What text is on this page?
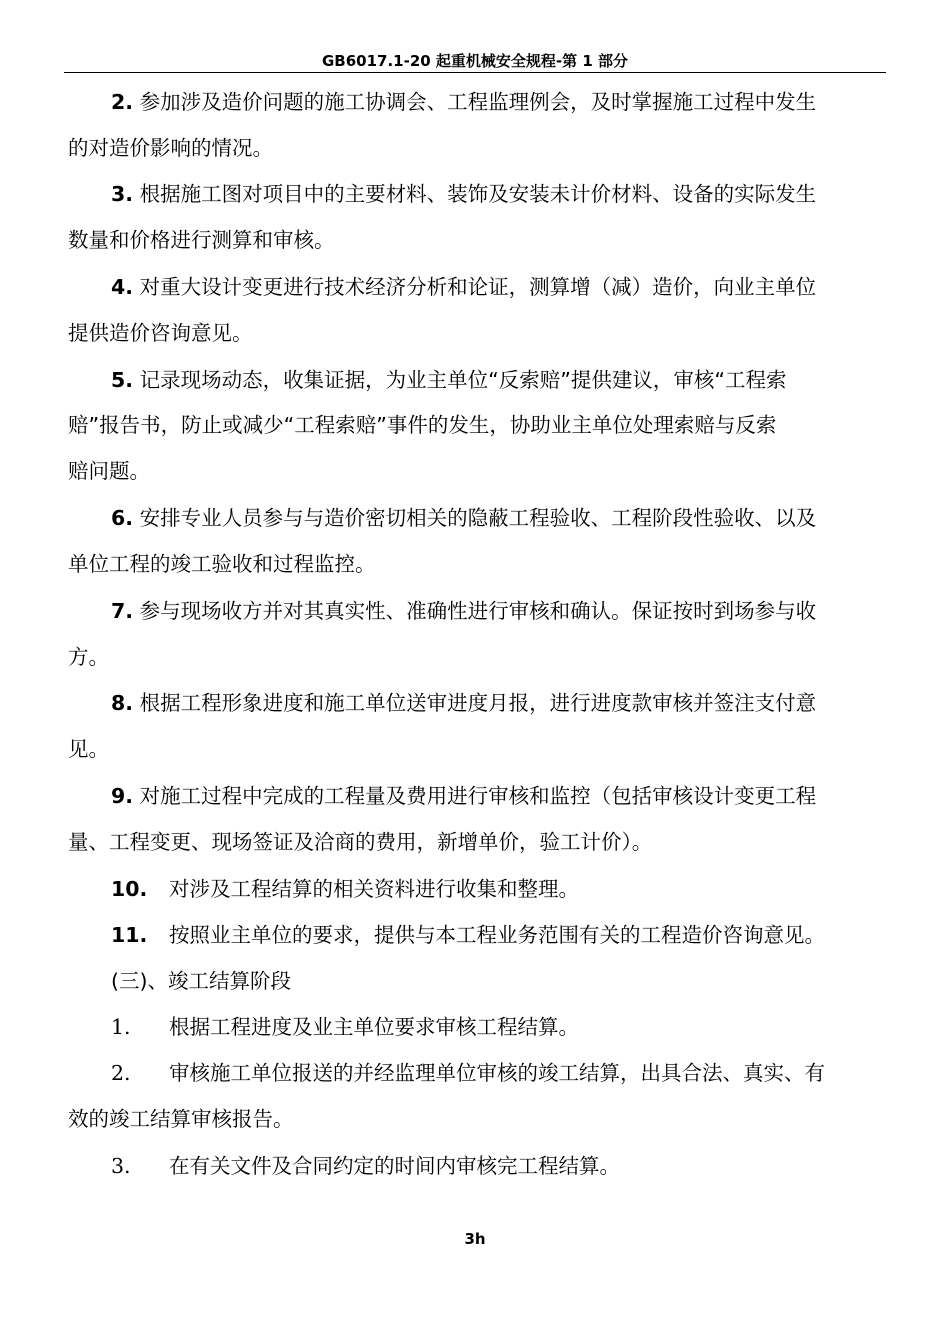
GB6017.1-20 起重机械安全规程-第 1 部分
2. 参加涉及造价问题的施工协调会、工程监理例会，及时掌握施工过程中发生
的对造价影响的情况。
3. 根据施工图对项目中的主要材料、装饰及安装未计价材料、设备的实际发生
数量和价格进行测算和审核。
4. 对重大设计变更进行技术经济分析和论证，测算增（减）造价，向业主单位
提供造价咨询意见。
5. 记录现场动态，收集证据，为业主单位“反索赔”提供建议，审核“工程索
赔”报告书，防止或减少“工程索赔”事件的发生，协助业主单位处理索赔与反索
赔问题。
6. 安排专业人员参与与造价密切相关的隐蔽工程验收、工程阶段性验收、以及
单位工程的竣工验收和过程监控。
7. 参与现场收方并对其真实性、准确性进行审核和确认。保证按时到场参与收
方。
8. 根据工程形象进度和施工单位送审进度月报，进行进度款审核并签注支付意
见。
9. 对施工过程中完成的工程量及费用进行审核和监控（包括审核设计变更工程
量、工程变更、现场签证及洽商的费用，新增单价，验工计价）。
10. 对涉及工程结算的相关资料进行收集和整理。
11. 按照业主单位的要求，提供与本工程业务范围有关的工程造价咨询意见。
(三)、竣工结算阶段
1. 根据工程进度及业主单位要求审核工程结算。
2. 审核施工单位报送的并经监理单位审核的竣工结算，出具合法、真实、有
效的竣工结算审核报告。
3. 在有关文件及合同约定的时间内审核完工程结算。
3h
